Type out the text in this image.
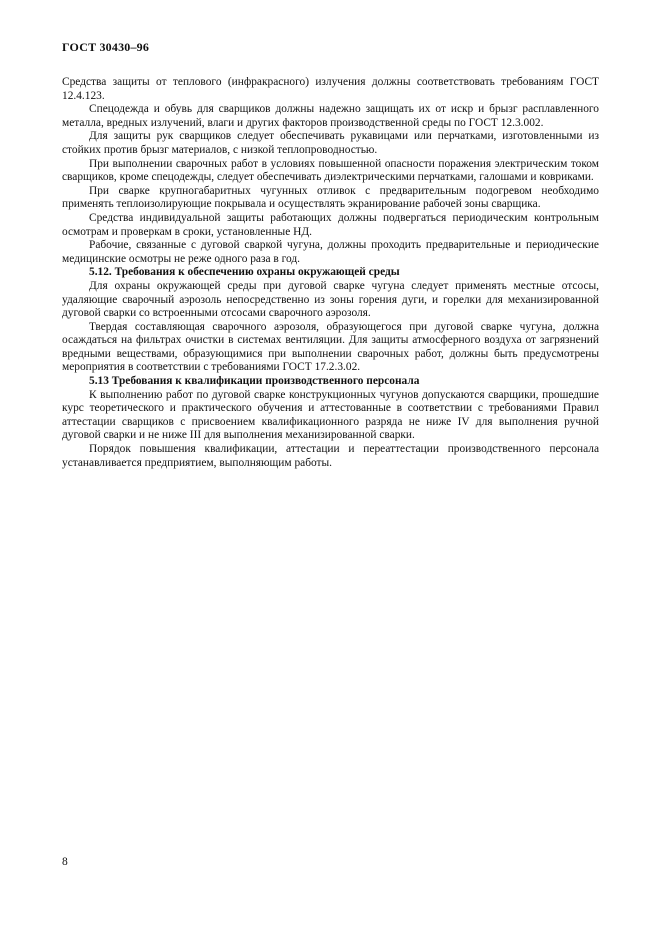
ГОСТ 30430–96

Средства защиты от теплового (инфракрасного) излучения должны соответствовать требованиям ГОСТ 12.4.123.

Спецодежда и обувь для сварщиков должны надежно защищать их от искр и брызг расплавленного металла, вредных излучений, влаги и других факторов производственной среды по ГОСТ 12.3.002.

Для защиты рук сварщиков следует обеспечивать рукавицами или перчатками, изготовленными из стойких против брызг материалов, с низкой теплопроводностью.

При выполнении сварочных работ в условиях повышенной опасности поражения электрическим током сварщиков, кроме спецодежды, следует обеспечивать диэлектрическими перчатками, галошами и ковриками.

При сварке крупногабаритных чугунных отливок с предварительным подогревом необходимо применять теплоизолирующие покрывала и осуществлять экранирование рабочей зоны сварщика.

Средства индивидуальной защиты работающих должны подвергаться периодическим контрольным осмотрам и проверкам в сроки, установленные НД.

Рабочие, связанные с дуговой сваркой чугуна, должны проходить предварительные и периодические медицинские осмотры не реже одного раза в год.

5.12. Требования к обеспечению охраны окружающей среды

Для охраны окружающей среды при дуговой сварке чугуна следует применять местные отсосы, удаляющие сварочный аэрозоль непосредственно из зоны горения дуги, и горелки для механизированной дуговой сварки со встроенными отсосами сварочного аэрозоля.

Твердая составляющая сварочного аэрозоля, образующегося при дуговой сварке чугуна, должна осаждаться на фильтрах очистки в системах вентиляции. Для защиты атмосферного воздуха от загрязнений вредными веществами, образующимися при выполнении сварочных работ, должны быть предусмотрены мероприятия в соответствии с требованиями ГОСТ 17.2.3.02.

5.13 Требования к квалификации производственного персонала

К выполнению работ по дуговой сварке конструкционных чугунов допускаются сварщики, прошедшие курс теоретического и практического обучения и аттестованные в соответствии с требованиями Правил аттестации сварщиков с присвоением квалификационного разряда не ниже IV для выполнения ручной дуговой сварки и не ниже III для выполнения механизированной сварки.

Порядок повышения квалификации, аттестации и переаттестации производственного персонала устанавливается предприятием, выполняющим работы.

8
